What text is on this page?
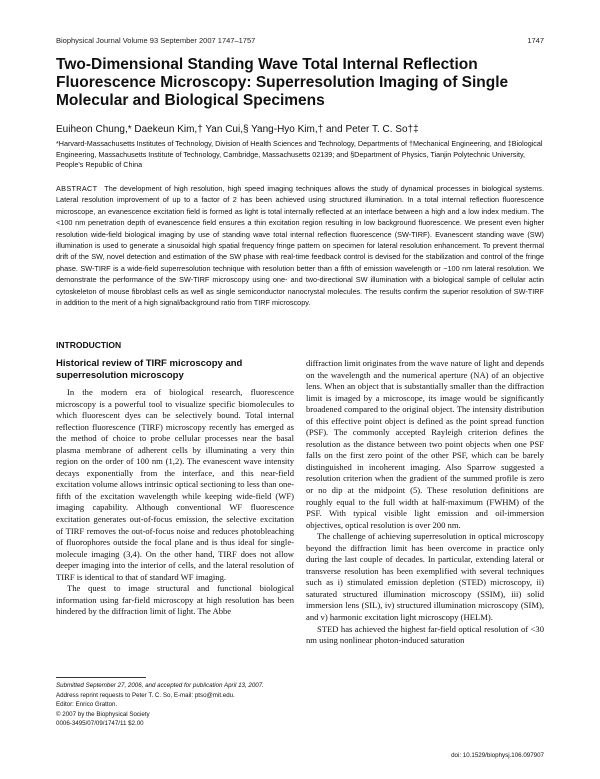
Biophysical Journal Volume 93 September 2007 1747–1757	1747
Two-Dimensional Standing Wave Total Internal Reflection Fluorescence Microscopy: Superresolution Imaging of Single Molecular and Biological Specimens
Euiheon Chung,* Daekeun Kim,† Yan Cui,§ Yang-Hyo Kim,† and Peter T. C. So†‡
*Harvard-Massachusetts Institutes of Technology, Division of Health Sciences and Technology, Departments of †Mechanical Engineering, and ‡Biological Engineering, Massachusetts Institute of Technology, Cambridge, Massachusetts 02139; and §Department of Physics, Tianjin Polytechnic University, People's Republic of China
ABSTRACT The development of high resolution, high speed imaging techniques allows the study of dynamical processes in biological systems. Lateral resolution improvement of up to a factor of 2 has been achieved using structured illumination. In a total internal reflection fluorescence microscope, an evanescence excitation field is formed as light is total internally reflected at an interface between a high and a low index medium. The <100 nm penetration depth of evanescence field ensures a thin excitation region resulting in low background fluorescence. We present even higher resolution wide-field biological imaging by use of standing wave total internal reflection fluorescence (SW-TIRF). Evanescent standing wave (SW) illumination is used to generate a sinusoidal high spatial frequency fringe pattern on specimen for lateral resolution enhancement. To prevent thermal drift of the SW, novel detection and estimation of the SW phase with real-time feedback control is devised for the stabilization and control of the fringe phase. SW-TIRF is a wide-field superresolution technique with resolution better than a fifth of emission wavelength or ~100 nm lateral resolution. We demonstrate the performance of the SW-TIRF microscopy using one- and two-directional SW illumination with a biological sample of cellular actin cytoskeleton of mouse fibroblast cells as well as single semiconductor nanocrystal molecules. The results confirm the superior resolution of SW-TIRF in addition to the merit of a high signal/background ratio from TIRF microscopy.
INTRODUCTION
Historical review of TIRF microscopy and superresolution microscopy

In the modern era of biological research, fluorescence microscopy is a powerful tool to visualize specific biomolecules to which fluorescent dyes can be selectively bound. Total internal reflection fluorescence (TIRF) microscopy recently has emerged as the method of choice to probe cellular processes near the basal plasma membrane of adherent cells by illuminating a very thin region on the order of 100 nm (1,2). The evanescent wave intensity decays exponentially from the interface, and this near-field excitation volume allows intrinsic optical sectioning to less than one-fifth of the excitation wavelength while keeping wide-field (WF) imaging capability. Although conventional WF fluorescence excitation generates out-of-focus emission, the selective excitation of TIRF removes the out-of-focus noise and reduces photobleaching of fluorophores outside the focal plane and is thus ideal for single-molecule imaging (3,4). On the other hand, TIRF does not allow deeper imaging into the interior of cells, and the lateral resolution of TIRF is identical to that of standard WF imaging.

The quest to image structural and functional biological information using far-field microscopy at high resolution has been hindered by the diffraction limit of light. The Abbe

diffraction limit originates from the wave nature of light and depends on the wavelength and the numerical aperture (NA) of an objective lens. When an object that is substantially smaller than the diffraction limit is imaged by a microscope, its image would be significantly broadened compared to the original object. The intensity distribution of this effective point object is defined as the point spread function (PSF). The commonly accepted Rayleigh criterion defines the resolution as the distance between two point objects when one PSF falls on the first zero point of the other PSF, which can be barely distinguished in incoherent imaging. Also Sparrow suggested a resolution criterion when the gradient of the summed profile is zero or no dip at the midpoint (5). These resolution definitions are roughly equal to the full width at half-maximum (FWHM) of the PSF. With typical visible light emission and oil-immersion objectives, optical resolution is over 200 nm.

The challenge of achieving superresolution in optical microscopy beyond the diffraction limit has been overcome in practice only during the last couple of decades. In particular, extending lateral or transverse resolution has been exemplified with several techniques such as i) stimulated emission depletion (STED) microscopy, ii) saturated structured illumination microscopy (SSIM), iii) solid immersion lens (SIL), iv) structured illumination microscopy (SIM), and v) harmonic excitation light microscopy (HELM).

STED has achieved the highest far-field optical resolution of <30 nm using nonlinear photon-induced saturation

Submitted September 27, 2006, and accepted for publication April 13, 2007.
Address reprint requests to Peter T. C. So, E-mail: ptso@mit.edu.
Editor: Enrico Gratton.
© 2007 by the Biophysical Society
0006-3495/07/09/1747/11 $2.00
doi: 10.1529/biophysj.106.097907
